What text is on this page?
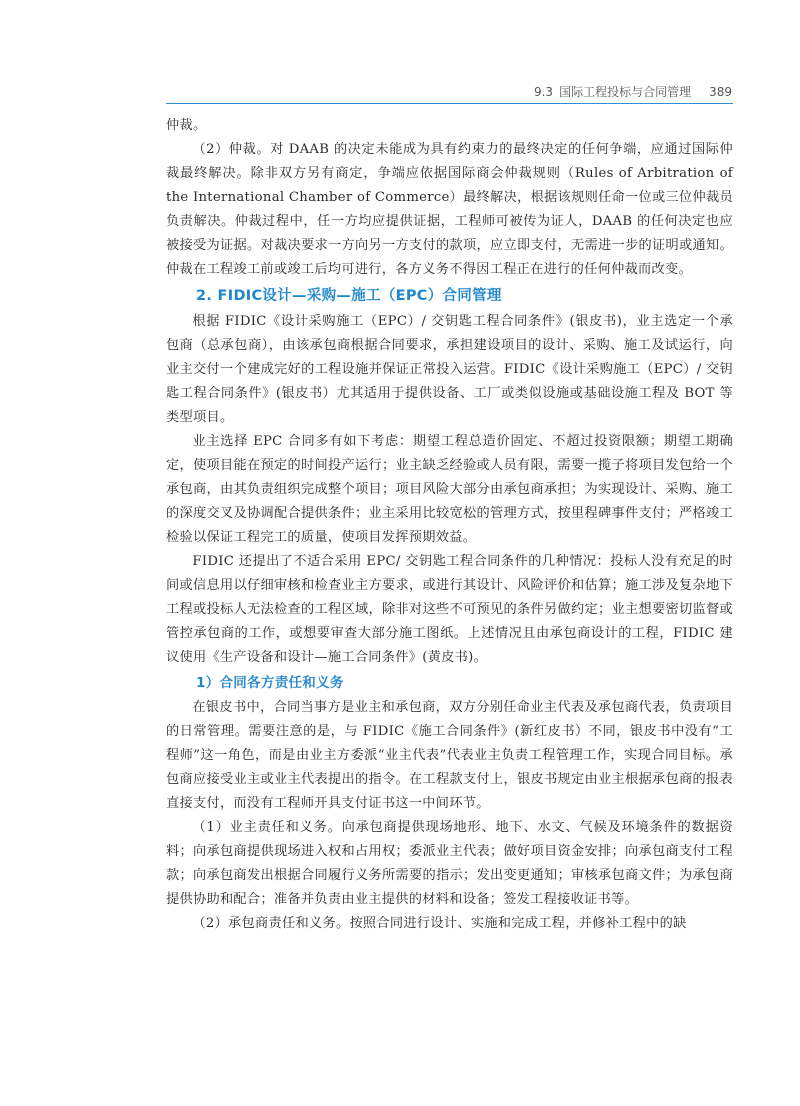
9.3 国际工程投标与合同管理 389

仲裁。

（2）仲裁。对 DAAB 的决定未能成为具有约束力的最终决定的任何争端，应通过国际仲裁最终解决。除非双方另有商定，争端应依据国际商会仲裁规则（Rules of Arbitration of the International Chamber of Commerce）最终解决，根据该规则任命一位或三位仲裁员负责解决。仲裁过程中，任一方均应提供证据，工程师可被传为证人，DAAB 的任何决定也应被接受为证据。对裁决要求一方向另一方支付的款项，应立即支付，无需进一步的证明或通知。仲裁在工程竣工前或竣工后均可进行，各方义务不得因工程正在进行的任何仲裁而改变。

2. FIDIC设计—采购—施工（EPC）合同管理

根据 FIDIC《设计采购施工（EPC）/ 交钥匙工程合同条件》(银皮书)，业主选定一个承包商（总承包商），由该承包商根据合同要求，承担建设项目的设计、采购、施工及试运行，向业主交付一个建成完好的工程设施并保证正常投入运营。FIDIC《设计采购施工（EPC）/ 交钥匙工程合同条件》(银皮书）尤其适用于提供设备、工厂或类似设施或基础设施工程及 BOT 等类型项目。

业主选择 EPC 合同多有如下考虑：期望工程总造价固定、不超过投资限额；期望工期确定，使项目能在预定的时间投产运行；业主缺乏经验或人员有限，需要一揽子将项目发包给一个承包商，由其负责组织完成整个项目；项目风险大部分由承包商承担；为实现设计、采购、施工的深度交叉及协调配合提供条件；业主采用比较宽松的管理方式，按里程碑事件支付；严格竣工检验以保证工程完工的质量，使项目发挥预期效益。

FIDIC 还提出了不适合采用 EPC/ 交钥匙工程合同条件的几种情况：投标人没有充足的时间或信息用以仔细审核和检查业主方要求，或进行其设计、风险评价和估算；施工涉及复杂地下工程或投标人无法检查的工程区域，除非对这些不可预见的条件另做约定；业主想要密切监督或管控承包商的工作，或想要审查大部分施工图纸。上述情况且由承包商设计的工程，FIDIC 建议使用《生产设备和设计—施工合同条件》(黄皮书)。

1）合同各方责任和义务

在银皮书中，合同当事方是业主和承包商，双方分别任命业主代表及承包商代表，负责项目的日常管理。需要注意的是，与 FIDIC《施工合同条件》(新红皮书）不同，银皮书中没有“工程师”这一角色，而是由业主方委派“业主代表”代表业主负责工程管理工作，实现合同目标。承包商应接受业主或业主代表提出的指令。在工程款支付上，银皮书规定由业主根据承包商的报表直接支付，而没有工程师开具支付证书这一中间环节。

（1）业主责任和义务。向承包商提供现场地形、地下、水文、气候及环境条件的数据资料；向承包商提供现场进入权和占用权；委派业主代表；做好项目资金安排；向承包商支付工程款；向承包商发出根据合同履行义务所需要的指示；发出变更通知；审核承包商文件；为承包商提供协助和配合；准备并负责由业主提供的材料和设备；签发工程接收证书等。

（2）承包商责任和义务。按照合同进行设计、实施和完成工程，并修补工程中的缺
